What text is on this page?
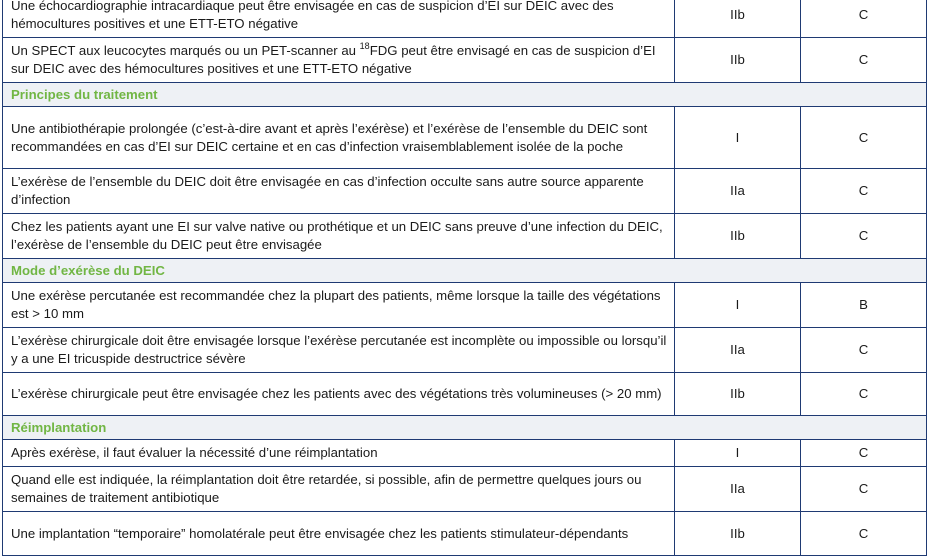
Une échocardiographie intracardiaque peut être envisagée en cas de suspicion d’EI sur DEIC avec des hémocultures positives et une ETT-ETO négative	IIb	C
Un SPECT aux leucocytes marqués ou un PET-scanner au $^{18}$FDG peut être envisagé en cas de suspicion d’EI sur DEIC avec des hémocultures positives et une ETT-ETO négative	IIb	C
Principes du traitement		
Une antibiothérapie prolongée (c’est-à-dire avant et après l’exérèse) et l’exérèse de l’ensemble du DEIC sont recommandées en cas d’EI sur DEIC certaine et en cas d’infection vraisemblablement isolée de la poche	I	C
L’exérèse de l’ensemble du DEIC doit être envisagée en cas d’infection occulte sans autre source apparente d’infection	IIa	C
Chez les patients ayant une EI sur valve native ou prothétique et un DEIC sans preuve d’une infection du DEIC, l’exérèse de l’ensemble du DEIC peut être envisagée	IIb	C
Mode d’exérèse du DEIC		
Une exérèse percutanée est recommandée chez la plupart des patients, même lorsque la taille des végétations est > 10 mm	I	B
L’exérèse chirurgicale doit être envisagée lorsque l’exérèse percutanée est incomplète ou impossible ou lorsqu’il y a une EI tricuspide destructrice sévère	IIa	C
L’exérèse chirurgicale peut être envisagée chez les patients avec des végétations très volumineuses (> 20 mm)	IIb	C
Réimplantation		
Après exérèse, il faut évaluer la nécessité d’une réimplantation	I	C
Quand elle est indiquée, la réimplantation doit être retardée, si possible, afin de permettre quelques jours ou semaines de traitement antibiotique	IIa	C
Une implantation “temporaire” homolatérale peut être envisagée chez les patients stimulateur-dépendants	IIb	C
